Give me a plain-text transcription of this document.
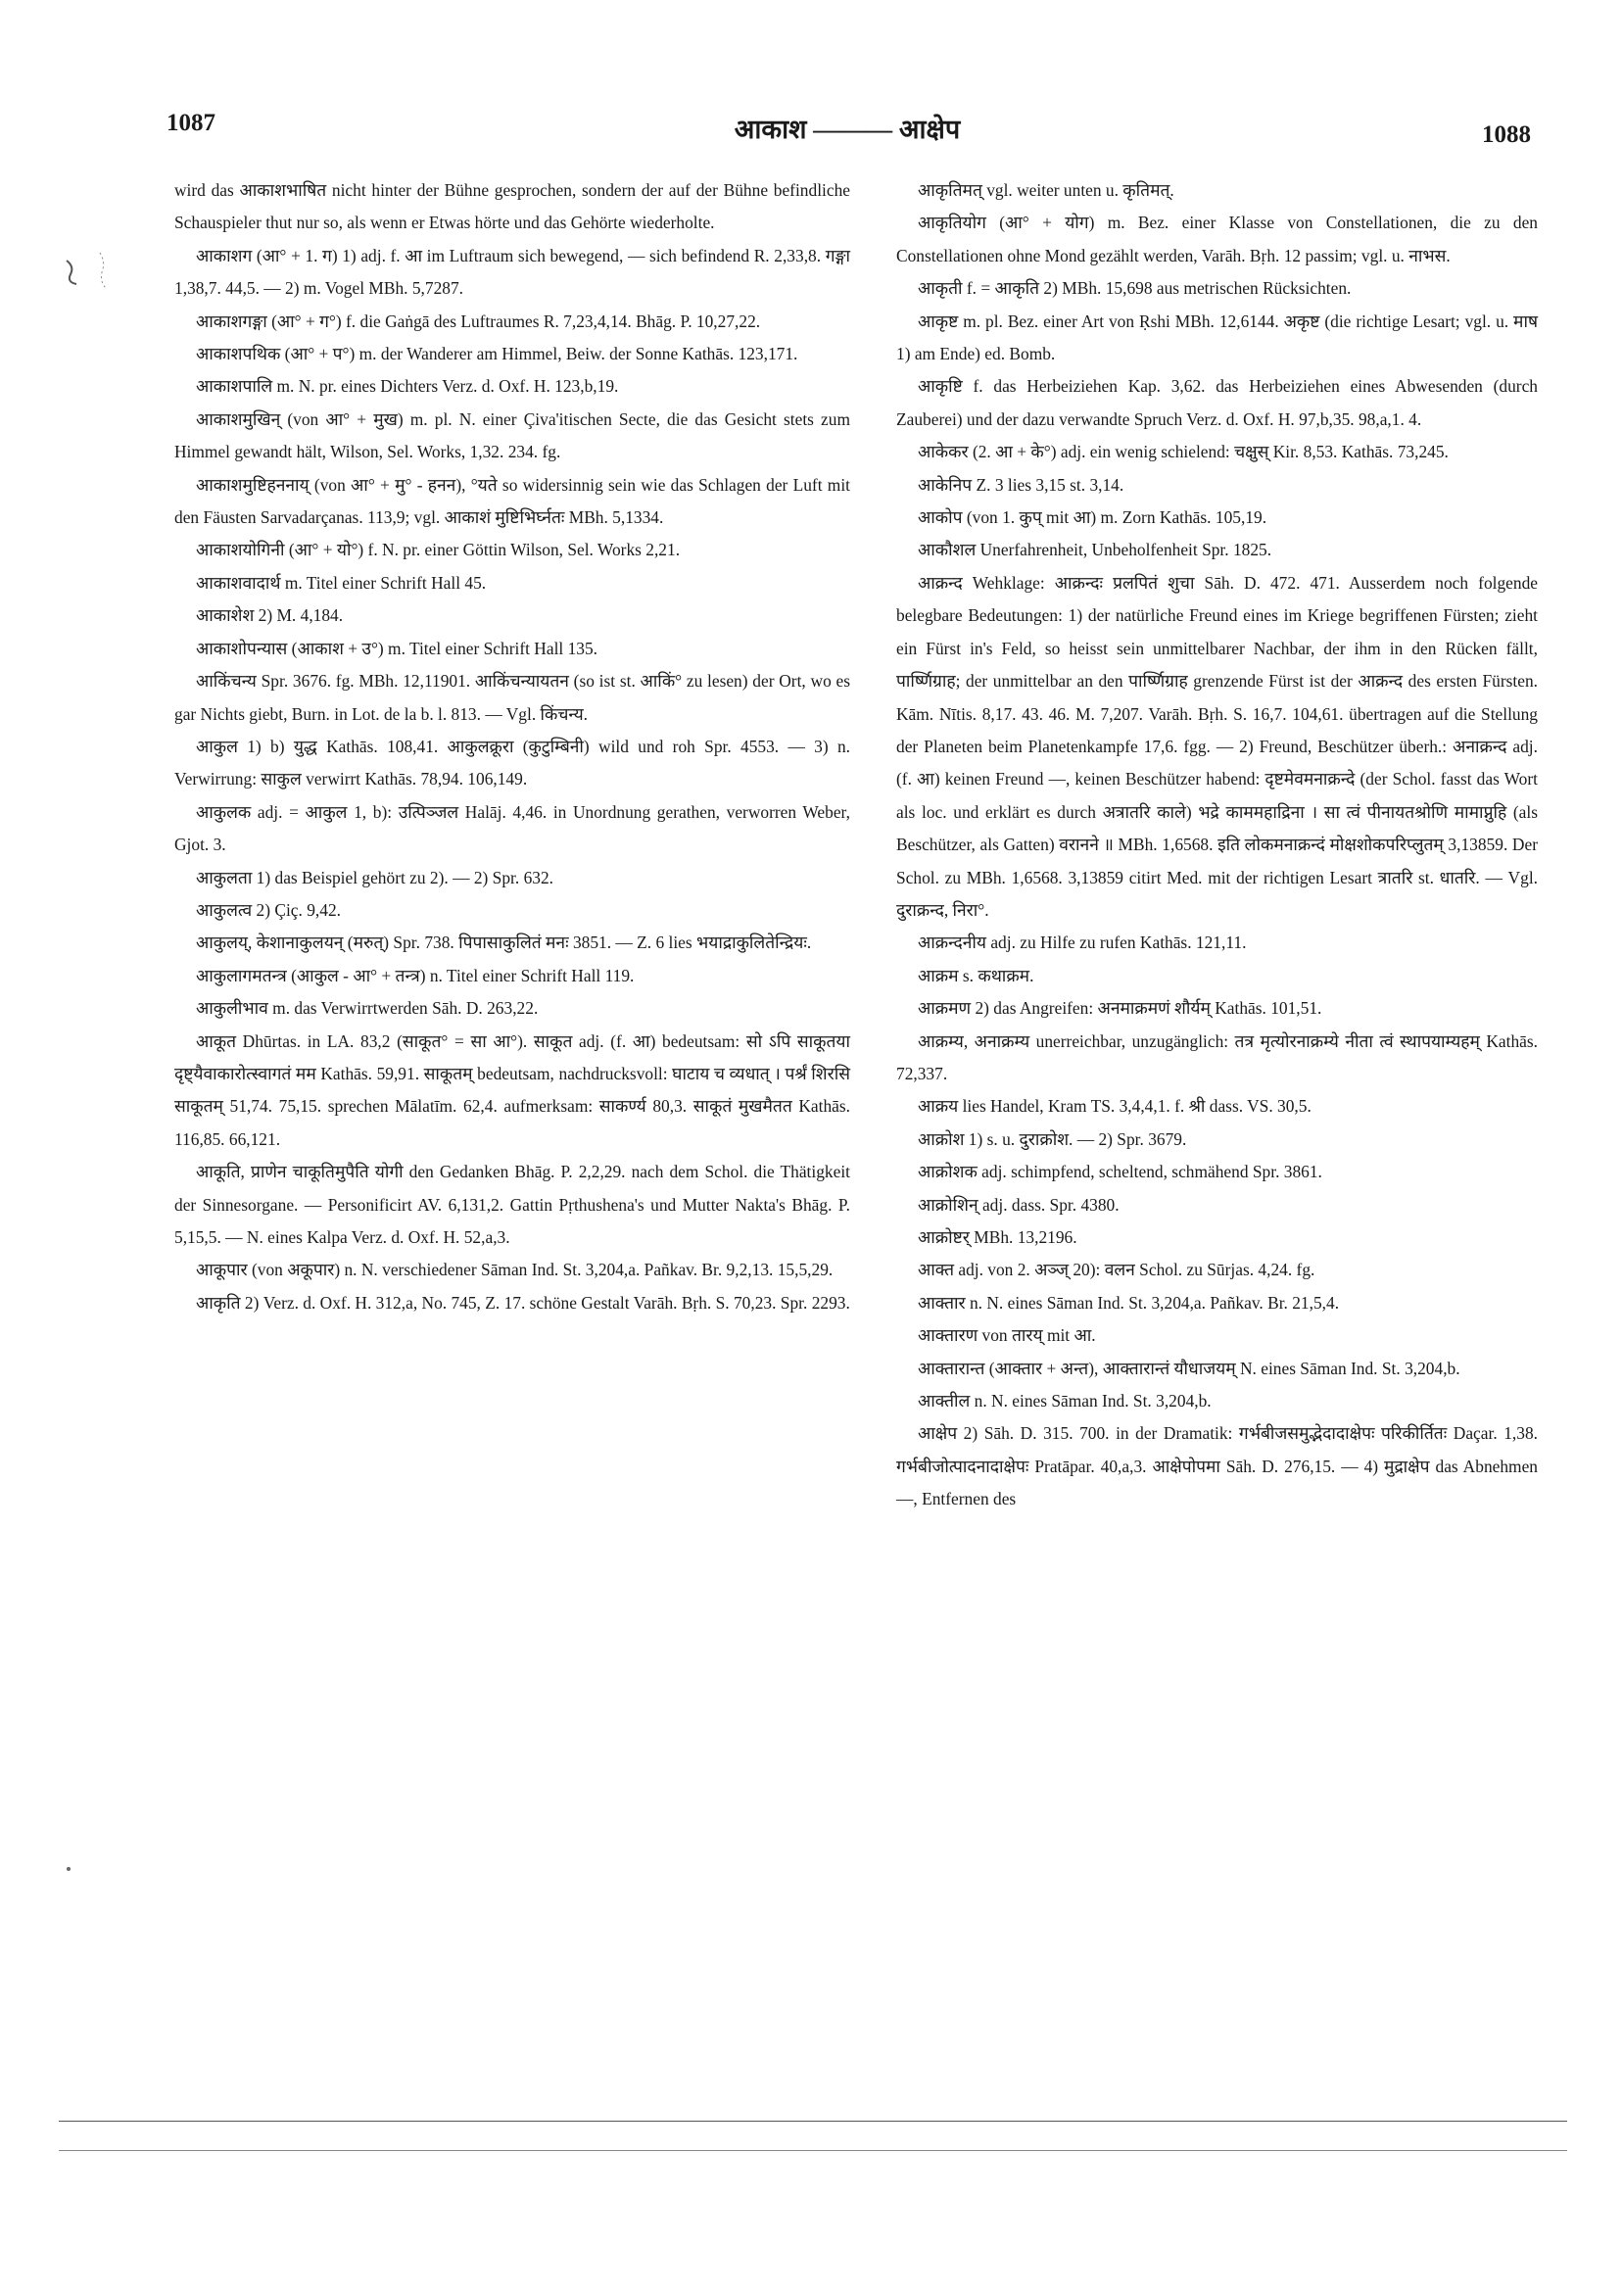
1087	आकाश ——— आक्षेप	1088

wird das आकाशभाषित nicht hinter der Bühne gesprochen, sondern der auf der Bühne befindliche Schauspieler thut nur so, als wenn er Etwas hörte und das Gehörte wiederholte.

आकाशग (आ° + 1. ग) 1) adj. f. आ im Luftraum sich bewegend, — sich befindend R. 2,33,8. गङ्गा 1,38,7. 44,5. — 2) m. Vogel MBh. 5,7287.

आकाशगङ्गा (आ° + ग°) f. die Gaṅgā des Luftraumes R. 7,23,4,14. Bhāg. P. 10,27,22.

आकाशपथिक (आ° + प°) m. der Wanderer am Himmel, Beiw. der Sonne Kathās. 123,171.

आकाशपालि m. N. pr. eines Dichters Verz. d. Oxf. H. 123,b,19.

आकाशमुखिन् (von आ° + मुख) m. pl. N. einer Çiva'itischen Secte, die das Gesicht stets zum Himmel gewandt hält, Wilson, Sel. Works, 1,32. 234. fg.

आकाशमुष्टिहननाय् (von आ° + मु° - हनन), °यते so widersinnig sein wie das Schlagen der Luft mit den Fäusten Sarvadarçanas. 113,9; vgl. आकाशं मुष्टिभिर्घ्नतः MBh. 5,1334.

आकाशयोगिनी (आ° + यो°) f. N. pr. einer Göttin Wilson, Sel. Works 2,21.

आकाशवादार्थ m. Titel einer Schrift Hall 45.

आकाशेश 2) M. 4,184.

आकाशोपन्यास (आकाश + उ°) m. Titel einer Schrift Hall 135.

आकिंचन्य Spr. 3676. fg. MBh. 12,11901. आकिंचन्यायतन (so ist st. आकिं° zu lesen) der Ort, wo es gar Nichts giebt, Burn. in Lot. de la b. l. 813. — Vgl. किंचन्य.

आकुल 1) b) युद्ध Kathās. 108,41. आकुलक्रूरा (कुटुम्बिनी) wild und roh Spr. 4553. — 3) n. Verwirrung: साकुल verwirrt Kathās. 78,94. 106,149.

आकुलक adj. = आकुल 1, b): उत्पिञ्जल Halāj. 4,46. in Unordnung gerathen, verworren Weber, Gjot. 3.

आकुलता 1) das Beispiel gehört zu 2). — 2) Spr. 632.

आकुलत्व 2) Çiç. 9,42.

आकुलय्, केशानाकुलयन् (मरुत्) Spr. 738. पिपासाकुलितं मनः 3851. — Z. 6 lies भयाद्राकुलितेन्द्रियः.

आकुलागमतन्त्र (आकुल - आ° + तन्त्र) n. Titel einer Schrift Hall 119.

आकुलीभाव m. das Verwirrtwerden Sāh. D. 263,22.

आकूत Dhūrtas. in LA. 83,2 (साकूत° = सा आ°). साकूत adj. (f. आ) bedeutsam: सो ऽपि साकूतया दृष्ट्यैवाकारोत्स्वागतं मम Kathās. 59,91. साकूतम् bedeutsam, nachdrucksvoll: घाटाय च व्यधात् । पर्श्रं शिरसि साकूतम् 51,74. 75,15. sprechen Mālatīm. 62,4. aufmerksam: साकर्ण्य 80,3. साकूतं मुखमैतत Kathās. 116,85. 66,121.

आकूति, प्राणेन चाकूतिमुपैति योगी den Gedanken Bhāg. P. 2,2,29. nach dem Schol. die Thätigkeit der Sinnesorgane. — Personificirt AV. 6,131,2. Gattin Pṛthushena's und Mutter Nakta's Bhāg. P. 5,15,5. — N. eines Kalpa Verz. d. Oxf. H. 52,a,3.

आकूपार (von अकूपार) n. N. verschiedener Sāman Ind. St. 3,204,a. Pañkav. Br. 9,2,13. 15,5,29.

आकृति 2) Verz. d. Oxf. H. 312,a, No. 745, Z. 17. schöne Gestalt Varāh. Bṛh. S. 70,23. Spr. 2293.

आकृतिमत् vgl. weiter unten u. कृतिमत्.

आकृतियोग (आ° + योग) m. Bez. einer Klasse von Constellationen, die zu den Constellationen ohne Mond gezählt werden, Varāh. Bṛh. 12 passim; vgl. u. नाभस.

आकृती f. = आकृति 2) MBh. 15,698 aus metrischen Rücksichten.

आकृष्ट m. pl. Bez. einer Art von Ṛshi MBh. 12,6144. अकृष्ट (die richtige Lesart; vgl. u. माष 1) am Ende) ed. Bomb.

आकृष्टि f. das Herbeiziehen Kap. 3,62. das Herbeiziehen eines Abwesenden (durch Zauberei) und der dazu verwandte Spruch Verz. d. Oxf. H. 97,b,35. 98,a,1. 4.

आकेकर (2. आ + के°) adj. ein wenig schielend: चक्षुस् Kir. 8,53. Kathās. 73,245.

आकेनिप Z. 3 lies 3,15 st. 3,14.

आकोप (von 1. कुप् mit आ) m. Zorn Kathās. 105,19.

आकौशल Unerfahrenheit, Unbeholfenheit Spr. 1825.

आक्रन्द Wehklage: आक्रन्दः प्रलपितं शुचा Sāh. D. 472. 471. Ausserdem noch folgende belegbare Bedeutungen: 1) der natürliche Freund eines im Kriege begriffenen Fürsten; zieht ein Fürst in's Feld, so heisst sein unmittelbarer Nachbar, der ihm in den Rücken fällt, पार्ष्णिग्राह; der unmittelbar an den पार्ष्णिग्राह grenzende Fürst ist der आक्रन्द des ersten Fürsten. Kām. Nītis. 8,17. 43. 46. M. 7,207. Varāh. Bṛh. S. 16,7. 104,61. übertragen auf die Stellung der Planeten beim Planetenkampfe 17,6. fgg. — 2) Freund, Beschützer überh.: अनाक्रन्द adj. (f. आ) keinen Freund —, keinen Beschützer habend: दृष्टमेवमनाक्रन्दे (der Schol. fasst das Wort als loc. und erklärt es durch अत्रातरि काले) भद्रे काममहाद्रिना । सा त्वं पीनायतश्रोणि मामाप्नुहि (als Beschützer, als Gatten) वरानने ॥ MBh. 1,6568. इति लोकमनाक्रन्दं मोक्षशोकपरिप्लुतम् 3,13859. Der Schol. zu MBh. 1,6568. 3,13859 citirt Med. mit der richtigen Lesart त्रातरि st. धातरि. — Vgl. दुराक्रन्द, निरा°.

आक्रन्दनीय adj. zu Hilfe zu rufen Kathās. 121,11.

आक्रम s. कथाक्रम.

आक्रमण 2) das Angreifen: अनमाक्रमणं शौर्यम् Kathās. 101,51.

आक्रम्य, अनाक्रम्य unerreichbar, unzugänglich: तत्र मृत्योरनाक्रम्ये नीता त्वं स्थापयाम्यहम् Kathās. 72,337.

आक्रय lies Handel, Kram TS. 3,4,4,1. f. श्री dass. VS. 30,5.

आक्रोश 1) s. u. दुराक्रोश. — 2) Spr. 3679.

आक्रोशक adj. schimpfend, scheltend, schmähend Spr. 3861.

आक्रोशिन् adj. dass. Spr. 4380.

आक्रोष्टर् MBh. 13,2196.

आक्त adj. von 2. अञ्ज् 20): वलन Schol. zu Sūrjas. 4,24. fg.

आक्तार n. N. eines Sāman Ind. St. 3,204,a. Pañkav. Br. 21,5,4.

आक्तारण von तारय् mit आ.

आक्तारान्त (आक्तार + अन्त), आक्तारान्तं यौधाजयम् N. eines Sāman Ind. St. 3,204,b.

आक्तील n. N. eines Sāman Ind. St. 3,204,b.

आक्षेप 2) Sāh. D. 315. 700. in der Dramatik: गर्भबीजसमुद्भेदादाक्षेपः परिकीर्तितः Daçar. 1,38. गर्भबीजोत्पादनादाक्षेपः Pratāpar. 40,a,3. आक्षेपोपमा Sāh. D. 276,15. — 4) मुद्राक्षेप das Abnehmen —, Entfernen des
